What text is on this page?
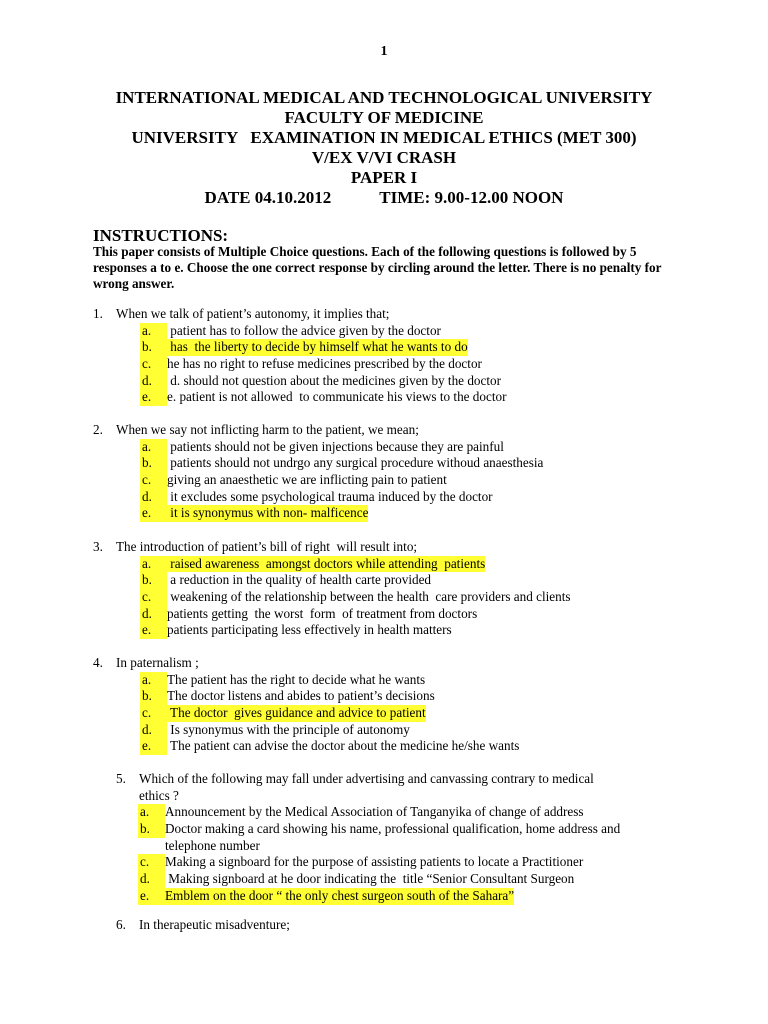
1
INTERNATIONAL MEDICAL AND TECHNOLOGICAL UNIVERSITY
FACULTY OF MEDICINE
UNIVERSITY   EXAMINATION IN MEDICAL ETHICS (MET 300)
V/EX V/VI CRASH
PAPER I
DATE 04.10.2012	TIME: 9.00-12.00 NOON
INSTRUCTIONS:
This paper consists of Multiple Choice questions. Each of the following questions is followed by 5 responses a to e. Choose the one correct response by circling around the letter. There is no penalty for wrong answer.
1. When we talk of patient’s autonomy, it implies that;
a.	patient has to follow the advice given by the doctor
b.	has  the liberty to decide by himself what he wants to do
c.	he has no right to refuse medicines prescribed by the doctor
d.	d. should not question about the medicines given by the doctor
e.	e. patient is not allowed  to communicate his views to the doctor
2. When we say not inflicting harm to the patient, we mean;
a.	patients should not be given injections because they are painful
b.	patients should not undrgo any surgical procedure withoud anaesthesia
c.	giving an anaesthetic we are inflicting pain to patient
d.	it excludes some psychological trauma induced by the doctor
e.	it is synonymus with non- malficence
3. The introduction of patient’s bill of right  will result into;
a.	raised awareness  amongst doctors while attending  patients
b.	a reduction in the quality of health carte provided
c.	weakening of the relationship between the health  care providers and clients
d.	patients getting  the worst  form  of treatment from doctors
e.	patients participating less effectively in health matters
4. In paternalism ;
a.	The patient has the right to decide what he wants
b.	The doctor listens and abides to patient’s decisions
c.	The doctor  gives guidance and advice to patient
d.	Is synonymus with the principle of autonomy
e.	The patient can advise the doctor about the medicine he/she wants
5. Which of the following may fall under advertising and canvassing contrary to medical
ethics ?
a.	Announcement by the Medical Association of Tanganyika of change of address
b.	Doctor making a card showing his name, professional qualification, home address and
telephone number
c.	Making a signboard for the purpose of assisting patients to locate a Practitioner
d.	Making signboard at he door indicating the  title “Senior Consultant Surgeon
e.	Emblem on the door “ the only chest surgeon south of the Sahara”
6. In therapeutic misadventure;
